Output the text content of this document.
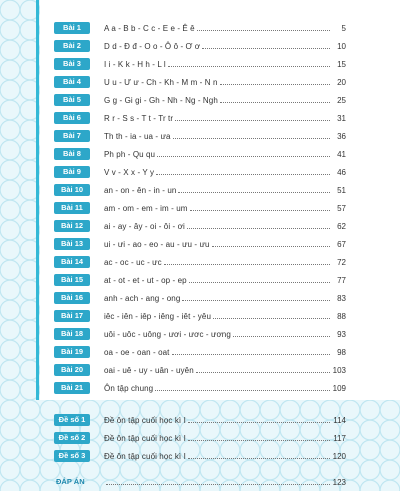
Bài 1	A a - B b - C c - E e - Ê ê	5
Bài 2	D d - Đ đ - O o - Ô ô - Ơ ơ	10
Bài 3	I i - K k - H h - L l	15
Bài 4	U u - Ư ư - Ch - Kh - M m - N n	20
Bài 5	G g - Gi gi - Gh - Nh - Ng - Ngh	25
Bài 6	R r - S s - T t - Tr tr	31
Bài 7	Th th - ia - ua - ưa	36
Bài 8	Ph ph - Qu qu	41
Bài 9	V v - X x - Y y	46
Bài 10	an - on - ên - in - un	51
Bài 11	am - om - em - im - um	57
Bài 12	ai - ay - ây - oi - ôi - ơi	62
Bài 13	ui - ưi - ao - eo - au - ưu - ưu	67
Bài 14	ac - oc - uc - ưc	72
Bài 15	at - ot - et - ut - op - ep	77
Bài 16	anh - ach - ang - ong	83
Bài 17	iêc - iên - iêp - iêng - iêt - yêu	88
Bài 18	uôi - uôc - uông - ươi - ươc - ương	93
Bài 19	oa - oe - oan - oat	98
Bài 20	oai - uê - uy - uân - uyên	103
Bài 21	Ôn tập chung	109
Đề số 1	Đề ôn tập cuối học kì I	114
Đề số 2	Đề ôn tập cuối học kì I	117
Đề số 3	Đề ôn tập cuối học kì I	120
ĐÁP ÁN	123
